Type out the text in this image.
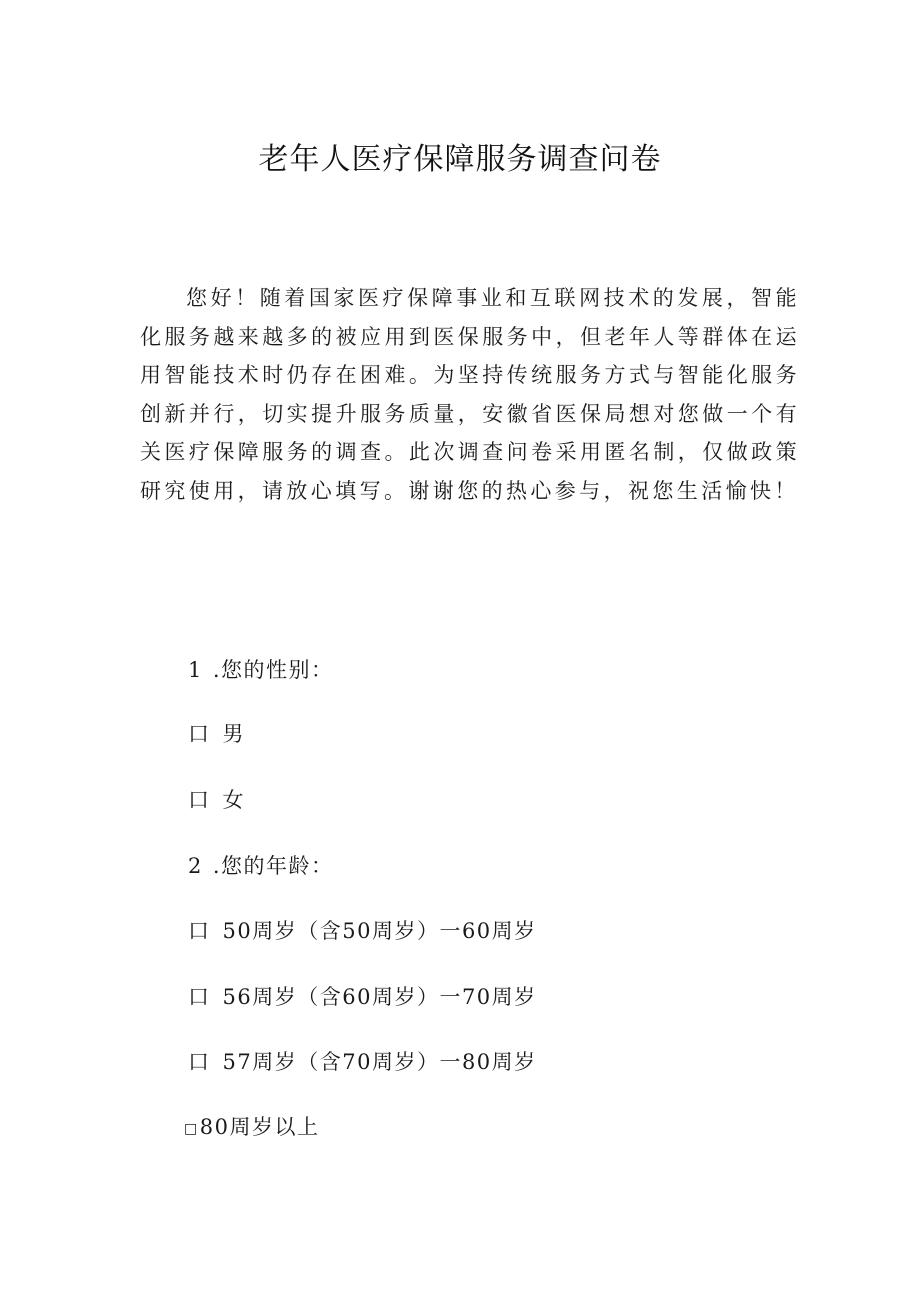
老年人医疗保障服务调查问卷
您好！随着国家医疗保障事业和互联网技术的发展，智能化服务越来越多的被应用到医保服务中，但老年人等群体在运用智能技术时仍存在困难。为坚持传统服务方式与智能化服务创新并行，切实提升服务质量，安徽省医保局想对您做一个有关医疗保障服务的调查。此次调查问卷采用匿名制，仅做政策研究使用，请放心填写。谢谢您的热心参与，祝您生活愉快！
1 .您的性别：
口 男
口 女
2 .您的年龄：
口 50周岁（含50周岁）一60周岁
口 56周岁（含60周岁）一70周岁
口 57周岁（含70周岁）一80周岁
□80周岁以上
